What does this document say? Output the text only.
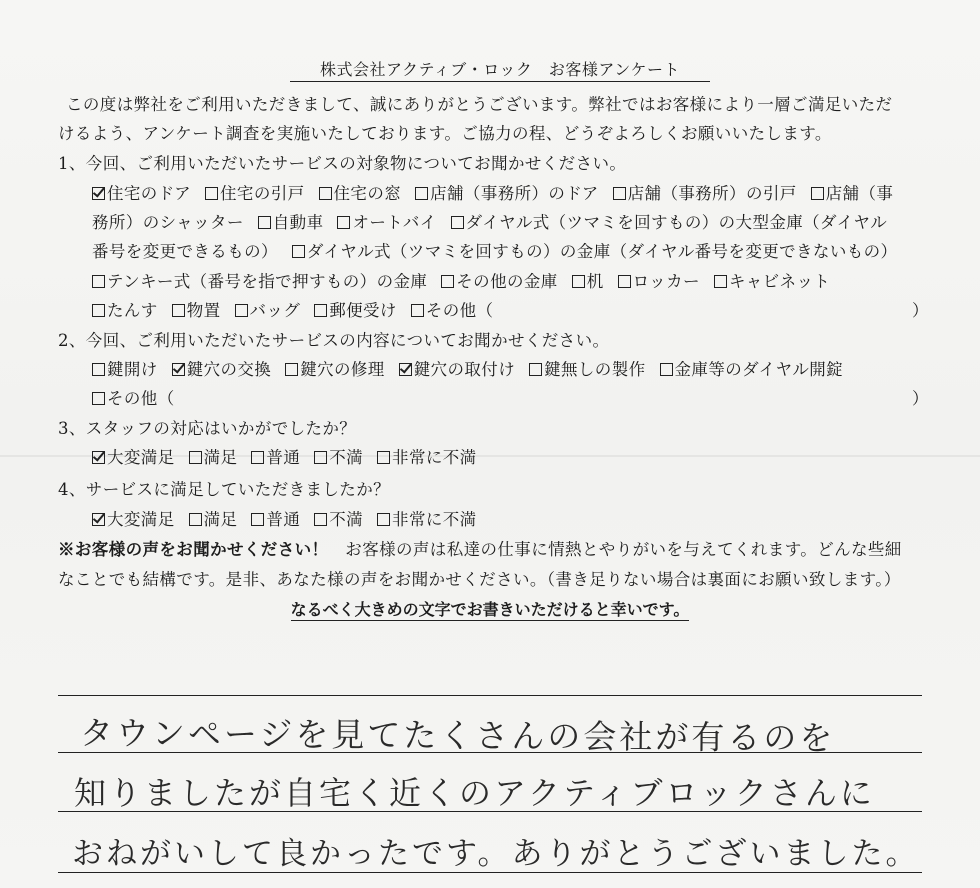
株式会社アクティブ・ロック　お客様アンケート
この度は弊社をご利用いただきまして、誠にありがとうございます。弊社ではお客様により一層ご満足いただ
けるよう、アンケート調査を実施いたしております。ご協力の程、どうぞよろしくお願いいたします。
1、今回、ご利用いただいたサービスの対象物についてお聞かせください。
住宅のドア 住宅の引戸 住宅の窓 店舗（事務所）のドア 店舗（事務所）の引戸 店舗（事
務所）のシャッター 自動車 オートバイ ダイヤル式（ツマミを回すもの）の大型金庫（ダイヤル
番号を変更できるもの） ダイヤル式（ツマミを回すもの）の金庫（ダイヤル番号を変更できないもの）
テンキー式（番号を指で押すもの）の金庫 その他の金庫 机 ロッカー キャビネット
たんす 物置 バッグ 郵便受け その他（	）
2、今回、ご利用いただいたサービスの内容についてお聞かせください。
鍵開け 鍵穴の交換 鍵穴の修理 鍵穴の取付け 鍵無しの製作 金庫等のダイヤル開錠
その他（	）
3、スタッフの対応はいかがでしたか？
大変満足 満足 普通 不満 非常に不満
4、サービスに満足していただきましたか？
大変満足 満足 普通 不満 非常に不満
※お客様の声をお聞かせください！　お客様の声は私達の仕事に情熱とやりがいを与えてくれます。どんな些細
なことでも結構です。是非、あなた様の声をお聞かせください。（書き足りない場合は裏面にお願い致します。）
なるべく大きめの文字でお書きいただけると幸いです。
タウンページを見てたくさんの会社が有るのを
知りましたが自宅く近くのアクティブロックさんに
おねがいして良かったです。ありがとうございました。
